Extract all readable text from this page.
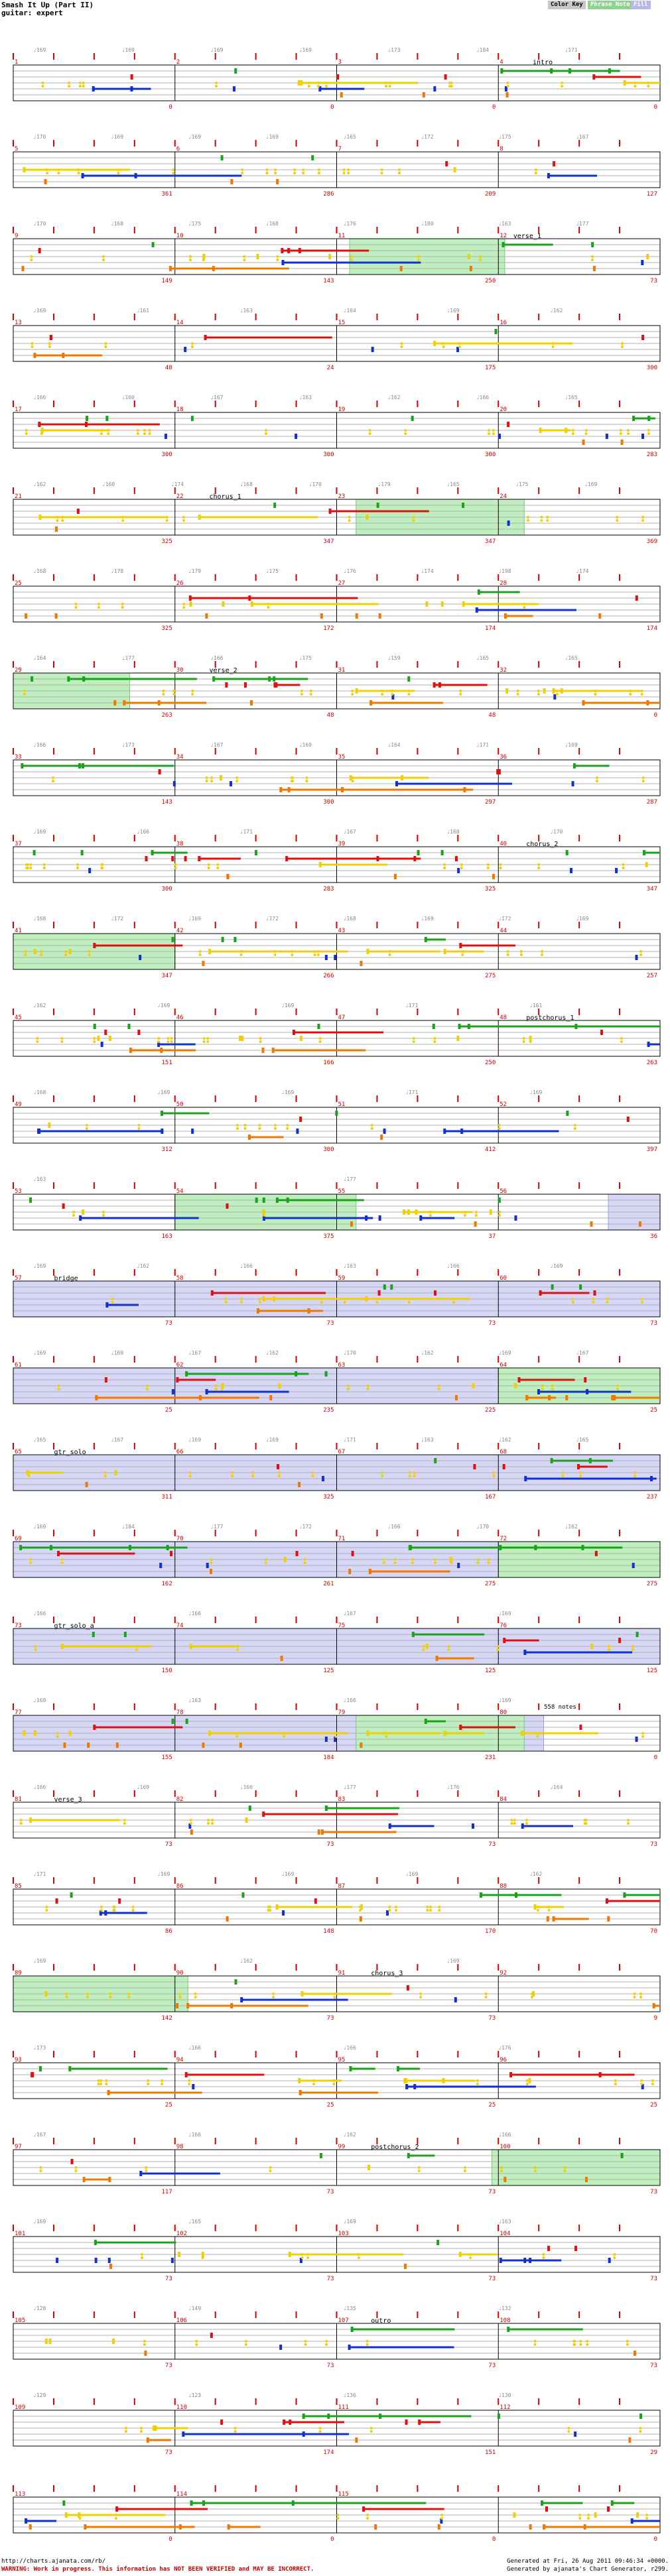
Smash It Up (Part II)
guitar: expert
Color Key	Phrase Note Fill
1	2	3	4
♩169	♩169	♩169	♩169	♩173	♩184	♩171
intro
0	0	0	0
5	6	7	8
♩170	♩169	♩169	♩169	♩165	♩172	♩175	♩167
361	286	209	127
9	10	11	12
♩170	♩168	♩175	♩168	♩176	♩180	♩163	♩177
verse_1
149	143	250	73
13	14	15	16
♩169	♩161	♩163	♩164	♩169	♩162
48	24	175	300
17	18	19	20
♩166	♩160	♩167	♩163	♩162	♩166	♩165
300	300	300	283
21	22	23	24
♩162	♩168	♩174	♩168	♩170	♩179	♩165	♩175	♩169
chorus_1
325	347	347	369
25	26	27	28
♩168	♩178	♩179	♩175	♩176	♩174	♩198	♩174
325	172	174	174
29	30	31	32
♩164	♩177	♩166	♩175	♩159	♩165	♩165
verse_2
263	48	48	0
33	34	35	36
♩166	♩173	♩167	♩169	♩164	♩171	♩169
143	300	297	287
37	38	39	40
♩169	♩166	♩171	♩167	♩168	♩170
chorus_2
300	283	325	347
41	42	43	44
♩168	♩172	♩169	♩172	♩168	♩169	♩172	♩169
347	266	275	257
45	46	47	48
♩162	♩169	♩169	♩171	♩161
postchorus_1
151	166	250	263
49	50	51	52
♩168	♩169	♩169	♩171	♩169
312	300	412	397
53	54	55	56
♩163	♩177
163	375	37	36
57	58	59	60
♩169	♩162	♩166	♩163	♩166	♩169
bridge
73	73	73	73
61	62	63	64
♩169	♩169	♩167	♩162	♩170	♩162	♩169	♩167
25	235	225	25
65	66	67	68
♩165	♩167	♩169	♩169	♩171	♩163	♩162	♩165
gtr_solo
311	325	167	237
69	70	71	72
♩169	♩184	♩177	♩172	♩166	♩170	♩162
162	261	275	275
73	74	75	76
♩166	♩166	♩167	♩169
gtr_solo_a
150	125	125	125
77	78	79	80
♩169	♩163	♩166	♩169
155	184	231	0
81	82	83	84
♩166	♩169	♩166	♩177	♩176	♩164
verse_3
73	73	73	73
85	86	87	88
♩171	♩169	♩169	♩169	♩162
86	148	170	70
89	90	91	92
♩169	♩162	♩169
chorus_3
142	73	73	9
93	94	95	96
♩173	♩166	♩166	♩176
25	25	25	25
97	98	99	100
♩167	♩166	♩162	♩166
postchorus_2
117	73	73	73
101	102	103	104
♩169	♩165	♩169	♩163
73	73	73	73
105	106	107	108
♩128	♩149	♩135	♩132
outro
73	73	73	73
109	110	111	112
♩129	♩123	♩136	♩130
73	174	151	29
113	114	115
0	0	0	0
558 notes
http://charts.ajanata.com/rb/
WARNING: Work in progress. This information has NOT BEEN VERIFIED and MAY BE INCORRECT.
Generated at Fri, 26 Aug 2011 09:46:34 +0000.
Generated by ajanata's Chart Generator, r299.
